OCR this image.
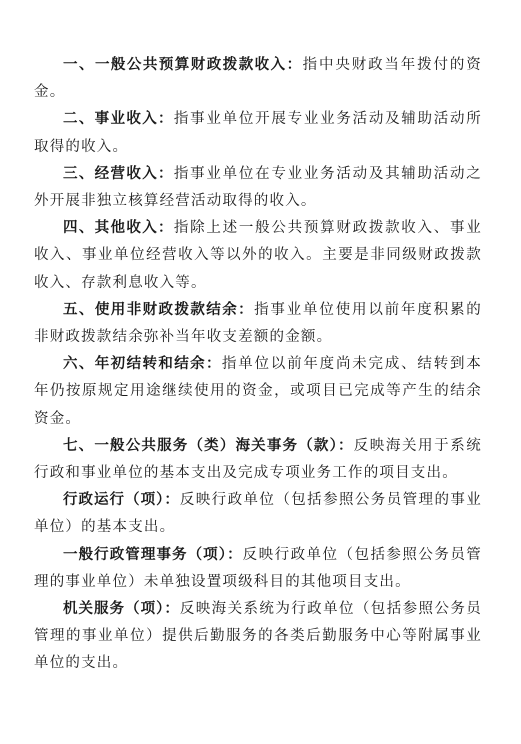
一、一般公共预算财政拨款收入：指中央财政当年拨付的资金。

二、事业收入：指事业单位开展专业业务活动及辅助活动所取得的收入。

三、经营收入：指事业单位在专业业务活动及其辅助活动之外开展非独立核算经营活动取得的收入。

四、其他收入：指除上述一般公共预算财政拨款收入、事业收入、事业单位经营收入等以外的收入。主要是非同级财政拨款收入、存款利息收入等。

五、使用非财政拨款结余：指事业单位使用以前年度积累的非财政拨款结余弥补当年收支差额的金额。

六、年初结转和结余：指单位以前年度尚未完成、结转到本年仍按原规定用途继续使用的资金，或项目已完成等产生的结余资金。

七、一般公共服务（类）海关事务（款）：反映海关用于系统行政和事业单位的基本支出及完成专项业务工作的项目支出。

行政运行（项）：反映行政单位（包括参照公务员管理的事业单位）的基本支出。

一般行政管理事务（项）：反映行政单位（包括参照公务员管理的事业单位）未单独设置项级科目的其他项目支出。

机关服务（项）：反映海关系统为行政单位（包括参照公务员管理的事业单位）提供后勤服务的各类后勤服务中心等附属事业单位的支出。
